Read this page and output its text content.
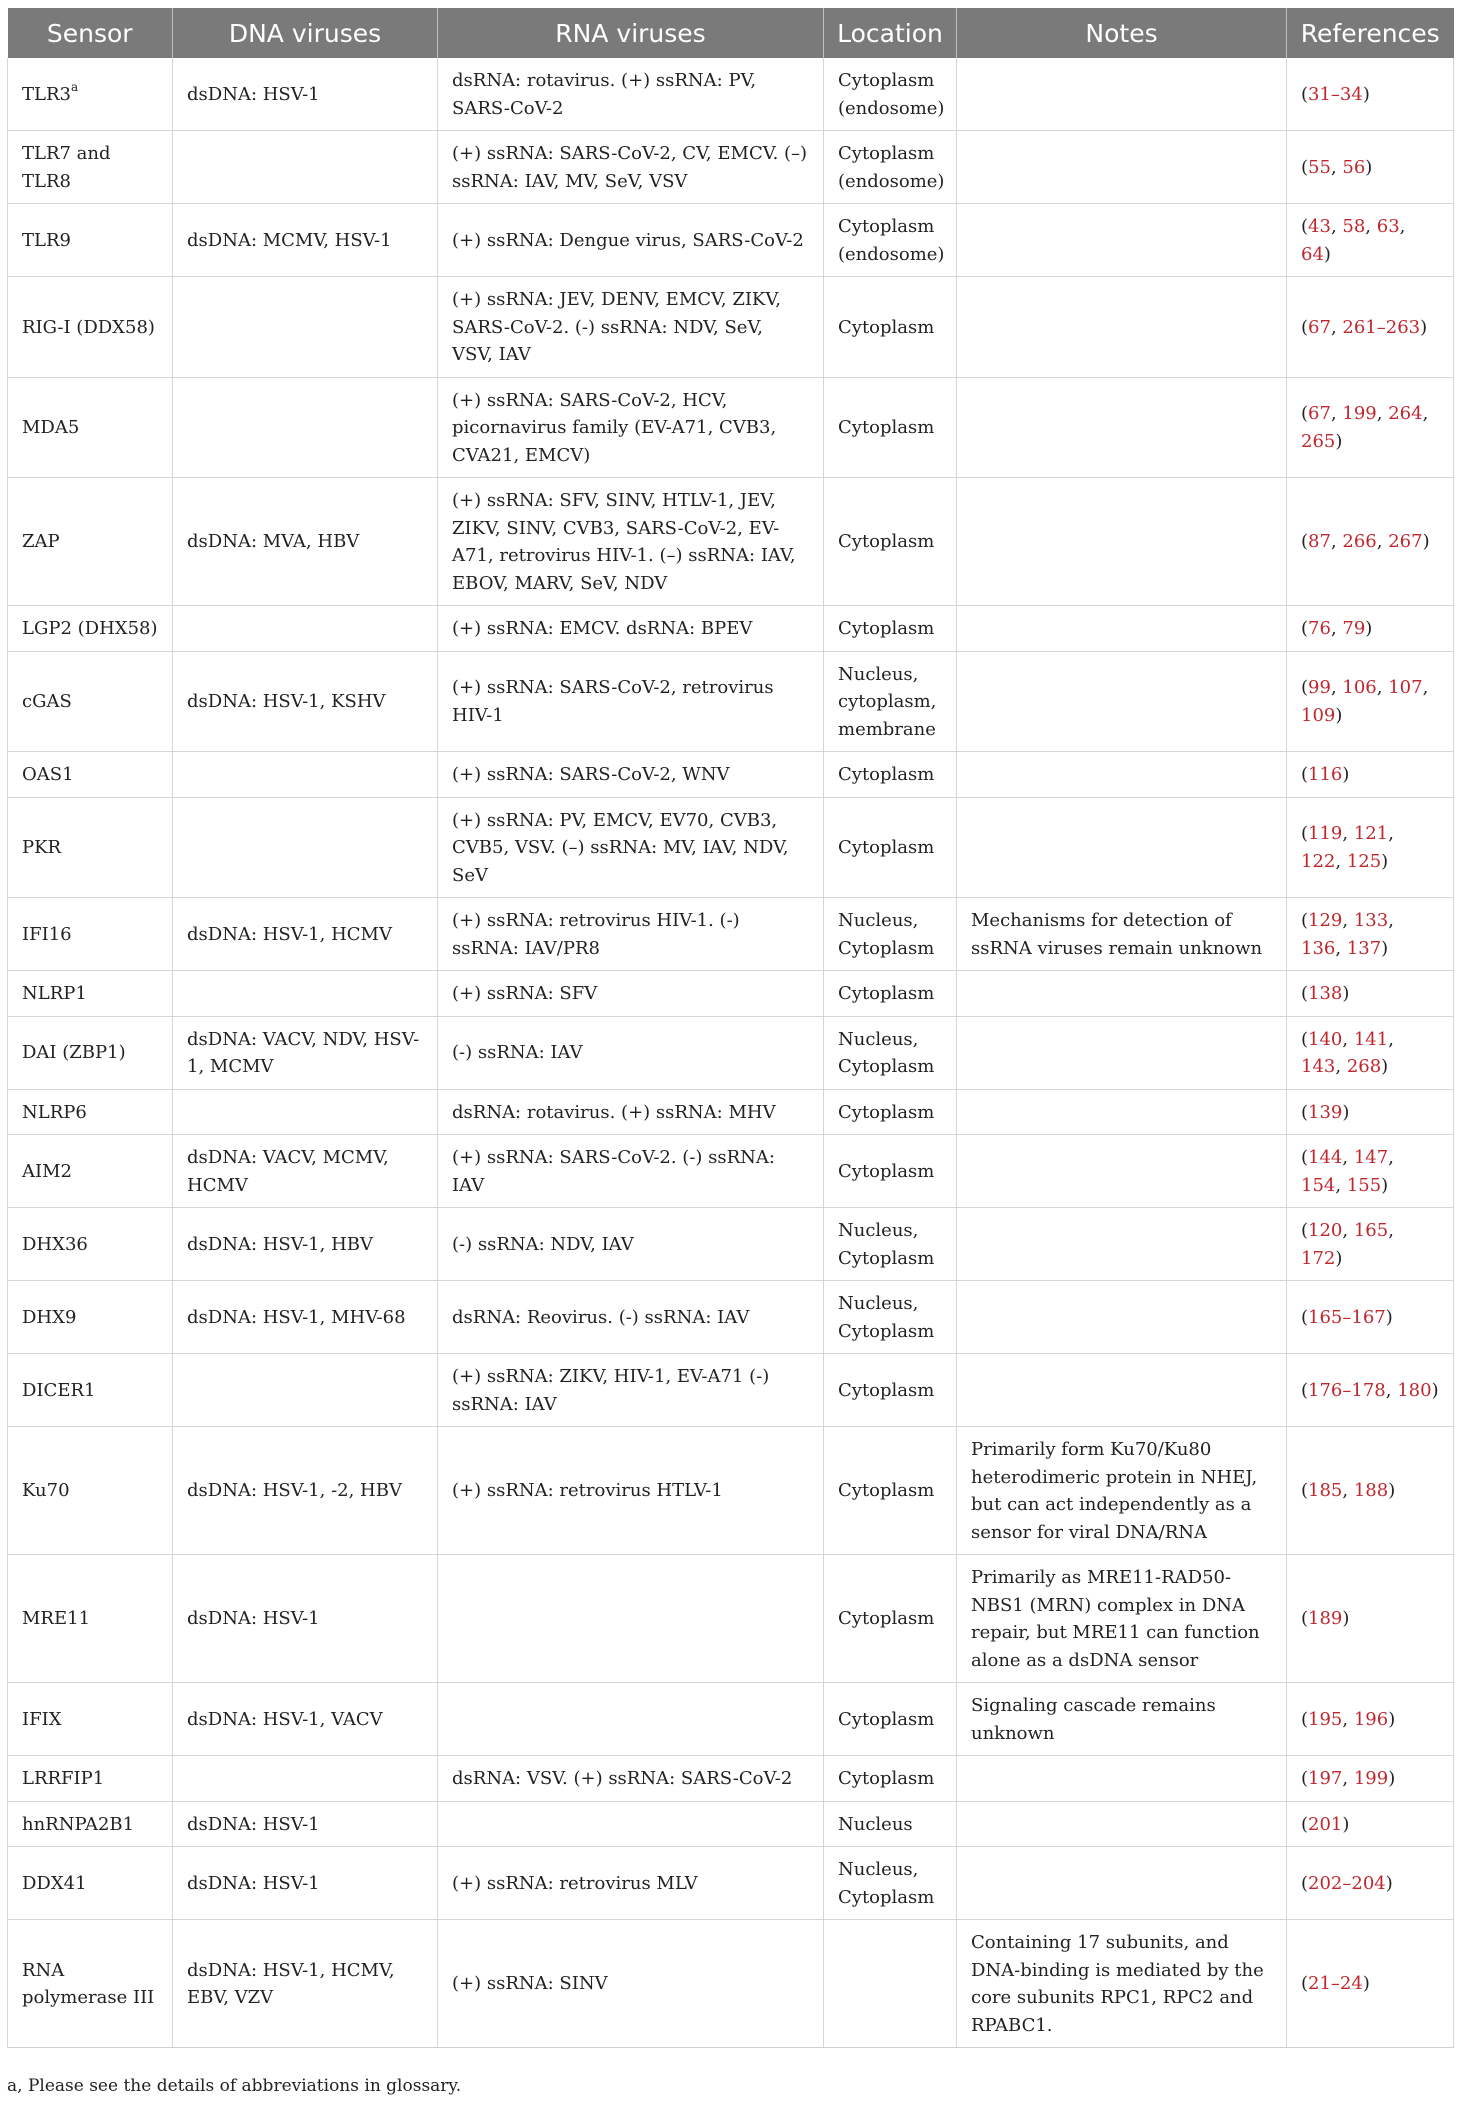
Sensor	DNA viruses	RNA viruses	Location	Notes	References
TLR3$^a$	dsDNA: HSV-1	dsRNA: rotavirus. (+) ssRNA: PV, SARS-CoV-2	Cytoplasm (endosome)		(31–34)
TLR7 and TLR8		(+) ssRNA: SARS-CoV-2, CV, EMCV. (–) ssRNA: IAV, MV, SeV, VSV	Cytoplasm (endosome)		(55, 56)
TLR9	dsDNA: MCMV, HSV-1	(+) ssRNA: Dengue virus, SARS-CoV-2	Cytoplasm (endosome)		(43, 58, 63, 64)
RIG-I (DDX58)		(+) ssRNA: JEV, DENV, EMCV, ZIKV, SARS-CoV-2. (-) ssRNA: NDV, SeV, VSV, IAV	Cytoplasm		(67, 261–263)
MDA5		(+) ssRNA: SARS-CoV-2, HCV, picornavirus family (EV-A71, CVB3, CVA21, EMCV)	Cytoplasm		(67, 199, 264, 265)
ZAP	dsDNA: MVA, HBV	(+) ssRNA: SFV, SINV, HTLV-1, JEV, ZIKV, SINV, CVB3, SARS-CoV-2, EV-A71, retrovirus HIV-1. (–) ssRNA: IAV, EBOV, MARV, SeV, NDV	Cytoplasm		(87, 266, 267)
LGP2 (DHX58)		(+) ssRNA: EMCV. dsRNA: BPEV	Cytoplasm		(76, 79)
cGAS	dsDNA: HSV-1, KSHV	(+) ssRNA: SARS-CoV-2, retrovirus HIV-1	Nucleus, cytoplasm, membrane		(99, 106, 107, 109)
OAS1		(+) ssRNA: SARS-CoV-2, WNV	Cytoplasm		(116)
PKR		(+) ssRNA: PV, EMCV, EV70, CVB3, CVB5, VSV. (–) ssRNA: MV, IAV, NDV, SeV	Cytoplasm		(119, 121, 122, 125)
IFI16	dsDNA: HSV-1, HCMV	(+) ssRNA: retrovirus HIV-1. (-) ssRNA: IAV/PR8	Nucleus, Cytoplasm	Mechanisms for detection of ssRNA viruses remain unknown	(129, 133, 136, 137)
NLRP1		(+) ssRNA: SFV	Cytoplasm		(138)
DAI (ZBP1)	dsDNA: VACV, NDV, HSV-1, MCMV	(-) ssRNA: IAV	Nucleus, Cytoplasm		(140, 141, 143, 268)
NLRP6		dsRNA: rotavirus. (+) ssRNA: MHV	Cytoplasm		(139)
AIM2	dsDNA: VACV, MCMV, HCMV	(+) ssRNA: SARS-CoV-2. (-) ssRNA: IAV	Cytoplasm		(144, 147, 154, 155)
DHX36	dsDNA: HSV-1, HBV	(-) ssRNA: NDV, IAV	Nucleus, Cytoplasm		(120, 165, 172)
DHX9	dsDNA: HSV-1, MHV-68	dsRNA: Reovirus. (-) ssRNA: IAV	Nucleus, Cytoplasm		(165–167)
DICER1		(+) ssRNA: ZIKV, HIV-1, EV-A71 (-) ssRNA: IAV	Cytoplasm		(176–178, 180)
Ku70	dsDNA: HSV-1, -2, HBV	(+) ssRNA: retrovirus HTLV-1	Cytoplasm	Primarily form Ku70/Ku80 heterodimeric protein in NHEJ, but can act independently as a sensor for viral DNA/RNA	(185, 188)
MRE11	dsDNA: HSV-1		Cytoplasm	Primarily as MRE11-RAD50-NBS1 (MRN) complex in DNA repair, but MRE11 can function alone as a dsDNA sensor	(189)
IFIX	dsDNA: HSV-1, VACV		Cytoplasm	Signaling cascade remains unknown	(195, 196)
LRRFIP1		dsRNA: VSV. (+) ssRNA: SARS-CoV-2	Cytoplasm		(197, 199)
hnRNPA2B1	dsDNA: HSV-1		Nucleus		(201)
DDX41	dsDNA: HSV-1	(+) ssRNA: retrovirus MLV	Nucleus, Cytoplasm		(202–204)
RNA polymerase III	dsDNA: HSV-1, HCMV, EBV, VZV	(+) ssRNA: SINV		Containing 17 subunits, and DNA-binding is mediated by the core subunits RPC1, RPC2 and RPABC1.	(21–24)
a, Please see the details of abbreviations in glossary.
